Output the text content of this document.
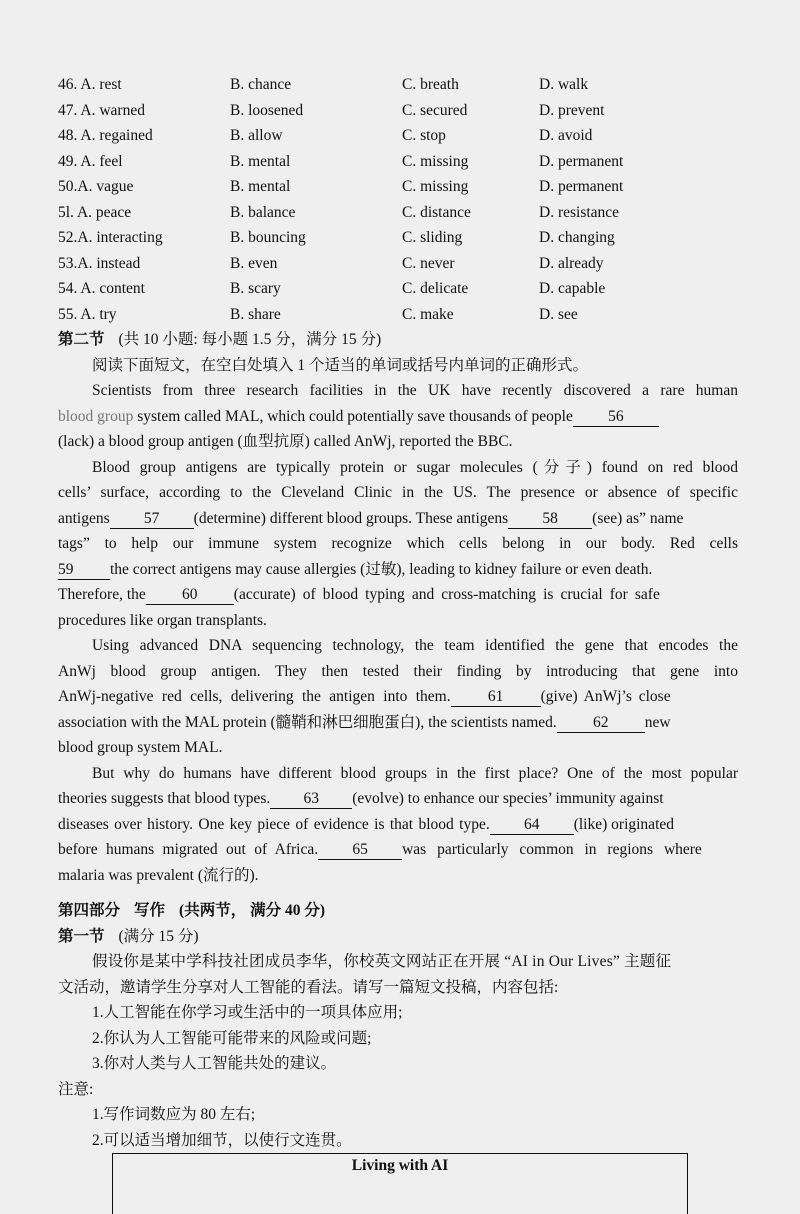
46. A. rest	B. chance	C. breath	D. walk
47. A. warned	B. loosened	C. secured	D. prevent
48. A. regained	B. allow	C. stop	D. avoid
49. A. feel	B. mental	C. missing	D. permanent
50.A. vague	B. mental	C. missing	D. permanent
5l. A. peace	B. balance	C. distance	D. resistance
52.A. interacting	B. bouncing	C. sliding	D. changing
53.A. instead	B. even	C. never	D. already
54. A. content	B. scary	C. delicate	D. capable
55. A. try	B. share	C. make	D. see
第二节 (共 10 小题: 每小题 1.5 分，满分 15 分)
阅读下面短文，在空白处填入 1 个适当的单词或括号内单词的正确形式。
Scientists from three research facilities in the UK have recently discovered a rare human
blood group system called MAL, which could potentially save thousands of people 56
(lack) a blood group antigen (血型抗原) called AnWj, reported the BBC.
Blood group antigens are typically protein or sugar molecules (分子) found on red blood
cells’ surface, according to the Cleveland Clinic in the US. The presence or absence of specific
antigens 57 (determine) different blood groups. These antigens 58 (see) as” name
tags” to help our immune system recognize which cells belong in our body. Red cells
59 the correct antigens may cause allergies (过敏), leading to kidney failure or even death.
Therefore, the 60 (accurate) of blood typing and cross-matching is crucial for safe
procedures like organ transplants.
Using advanced DNA sequencing technology, the team identified the gene that encodes the
AnWj blood group antigen. They then tested their finding by introducing that gene into
AnWj-negative red cells, delivering the antigen into them. 61 (give) AnWj’s close
association with the MAL protein (髓鞘和淋巴细胞蛋白), the scientists named. 62 new
blood group system MAL.
But why do humans have different blood groups in the first place? One of the most popular
theories suggests that blood types. 63 (evolve) to enhance our species’ immunity against
diseases over history. One key piece of evidence is that blood type. 64 (like) originated
before humans migrated out of Africa. 65 was particularly common in regions where
malaria was prevalent (流行的).
第四部分 写作 (共两节， 满分 40 分)
第一节 (满分 15 分)
假设你是某中学科技社团成员李华，你校英文网站正在开展 “AI in Our Lives” 主题征
文活动，邀请学生分享对人工智能的看法。请写一篇短文投稿，内容包括:
1.人工智能在你学习或生活中的一项具体应用;
2.你认为人工智能可能带来的风险或问题;
3.你对人类与人工智能共处的建议。
注意:
1.写作词数应为 80 左右;
2.可以适当增加细节，以使行文连贯。
Living with AI
